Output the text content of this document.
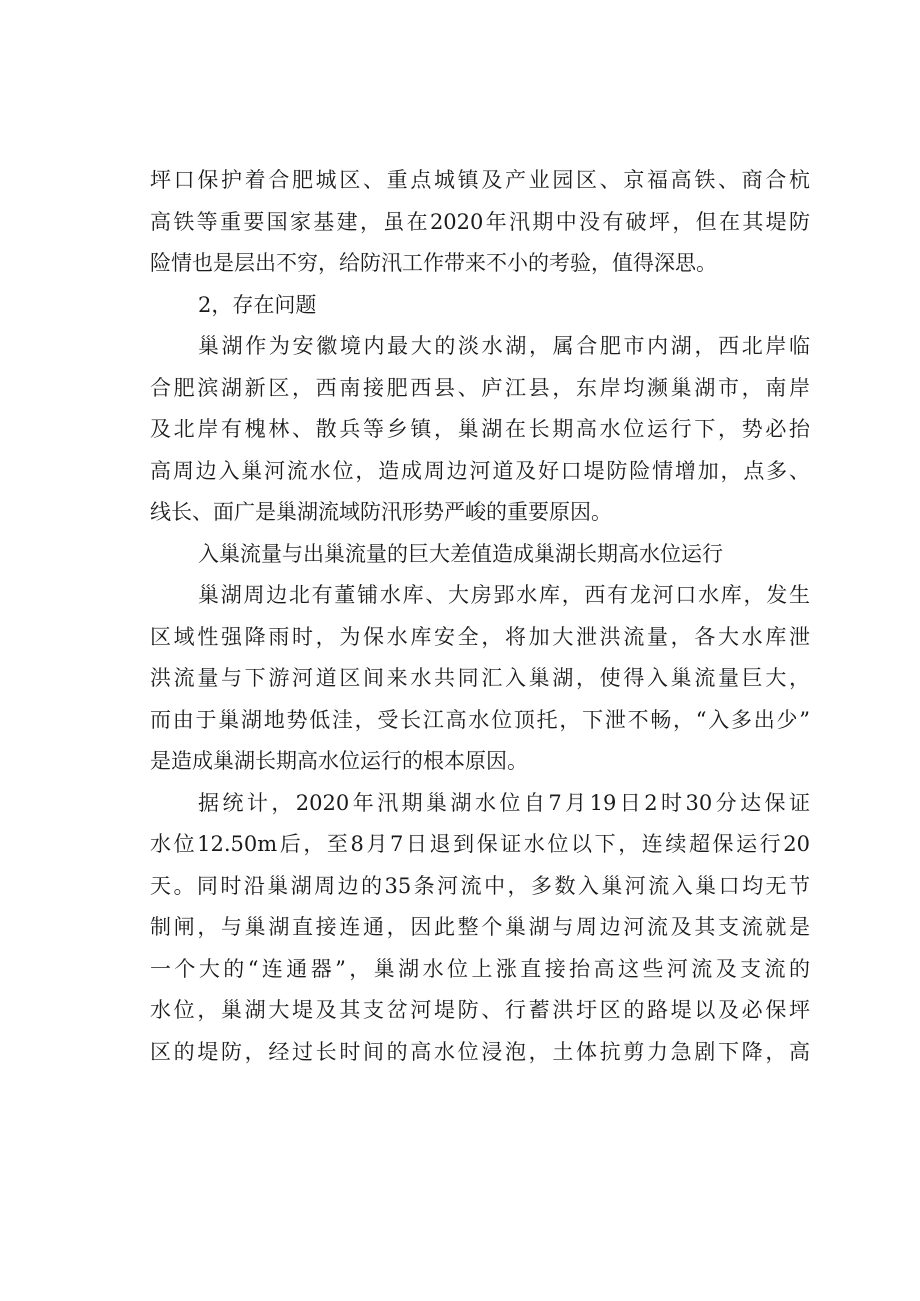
坪口保护着合肥城区、重点城镇及产业园区、京福高铁、商合杭
高铁等重要国家基建，虽在2020年汛期中没有破坪，但在其堤防
险情也是层出不穷，给防汛工作带来不小的考验，值得深思。
2，存在问题
巢湖作为安徽境内最大的淡水湖，属合肥市内湖，西北岸临
合肥滨湖新区，西南接肥西县、庐江县，东岸均濒巢湖市，南岸
及北岸有槐林、散兵等乡镇，巢湖在长期高水位运行下，势必抬
高周边入巢河流水位，造成周边河道及好口堤防险情增加，点多、
线长、面广是巢湖流域防汛形势严峻的重要原因。
入巢流量与出巢流量的巨大差值造成巢湖长期高水位运行
巢湖周边北有董铺水库、大房郢水库，西有龙河口水库，发生
区域性强降雨时，为保水库安全，将加大泄洪流量，各大水库泄
洪流量与下游河道区间来水共同汇入巢湖，使得入巢流量巨大，
而由于巢湖地势低洼，受长江高水位顶托，下泄不畅，“入多出少”
是造成巢湖长期高水位运行的根本原因。
据统计，2020年汛期巢湖水位自7月19日2时30分达保证
水位12.50m后，至8月7日退到保证水位以下，连续超保运行20
天。同时沿巢湖周边的35条河流中，多数入巢河流入巢口均无节
制闸，与巢湖直接连通，因此整个巢湖与周边河流及其支流就是
一个大的“连通器”，巢湖水位上涨直接抬高这些河流及支流的
水位，巢湖大堤及其支岔河堤防、行蓄洪圩区的路堤以及必保坪
区的堤防，经过长时间的高水位浸泡，土体抗剪力急剧下降，高
